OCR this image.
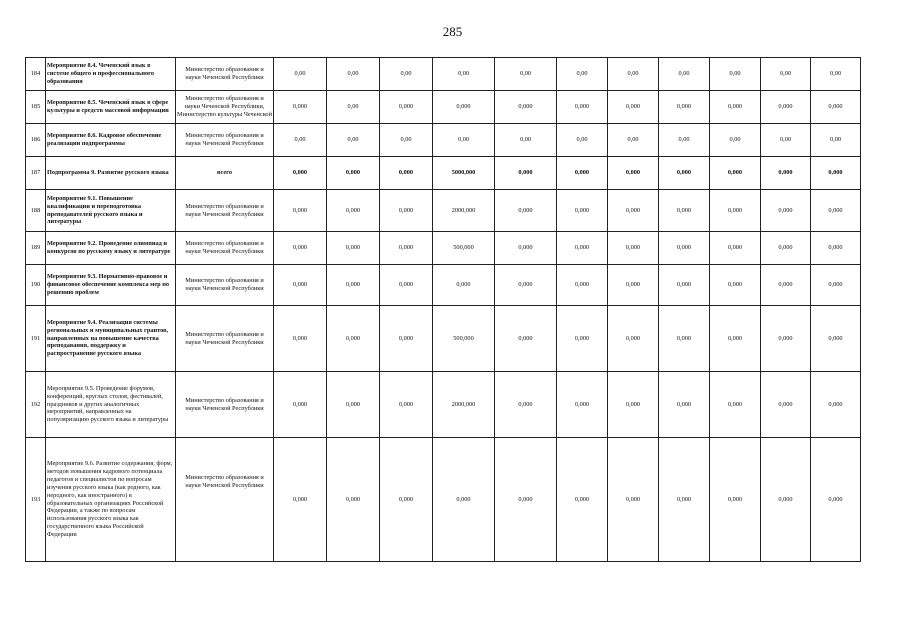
285
184	Мероприятие 8.4. Чеченский язык в системе общего и профессионального образования	Министерство образования и науки Чеченской Республики	0,00	0,00	0,00	0,00	0,00	0,00	0,00	0,00	0,00	0,00	0,00
185	Мероприятие 8.5. Чеченский язык в сфере культуры и средств массовой информации	Министерство образования и науки Чеченской Республики, Министерство культуры Чеченской	0,000	0,00	0,000	0,000	0,000	0,000	0,000	0,000	0,000	0,000	0,000
186	Мероприятие 8.6. Кадровое обеспечение реализации подпрограммы	Министерство образования и науки Чеченской Республики	0,00	0,00	0,00	0,00	0,00	0,00	0,00	0,00	0,00	0,00	0,00
187	Подпрограмма 9. Развитие русского языка	всего	0,000	0,000	0,000	5000,000	0,000	0,000	0,000	0,000	0,000	0,000	0,000
188	Мероприятие 9.1. Повышение квалификации и переподготовка преподавателей русского языка и литературы	Министерство образования и науки Чеченской Республики	0,000	0,000	0,000	2000,000	0,000	0,000	0,000	0,000	0,000	0,000	0,000
189	Мероприятие 9.2. Проведение олимпиад и конкурсов по русскому языку и литературе	Министерство образования и науки Чеченской Республики	0,000	0,000	0,000	500,000	0,000	0,000	0,000	0,000	0,000	0,000	0,000
190	Мероприятие 9.3. Нормативно-правовое и финансовое обеспечение комплекса мер по решению проблем	Министерство образования и науки Чеченской Республики	0,000	0,000	0,000	0,000	0,000	0,000	0,000	0,000	0,000	0,000	0,000
191	Мероприятие 9.4. Реализация системы региональных и муниципальных грантов, направленных на повышение качества преподавания, поддержку и распространение русского языка	Министерство образования и науки Чеченской Республики	0,000	0,000	0,000	500,000	0,000	0,000	0,000	0,000	0,000	0,000	0,000
192	Мероприятие 9.5. Проведение форумов, конференций, круглых столов, фестивалей, праздников и других аналогичных мероприятий, направленных на популяризацию русского языка и литературы	Министерство образования и науки Чеченской Республики	0,000	0,000	0,000	2000,000	0,000	0,000	0,000	0,000	0,000	0,000	0,000
193	Мероприятие 9.6. Развитие содержания, форм, методов повышения кадрового потенциала педагогов и специалистов по вопросам изучения русского языка (как родного, как неродного, как иностранного) в образовательных организациях Российской Федерации, а также по вопросам использования русского языка как государственного языка Российской Федерации	Министерство образования и науки Чеченской Республики	0,000	0,000	0,000	0,000	0,000	0,000	0,000	0,000	0,000	0,000	0,000
